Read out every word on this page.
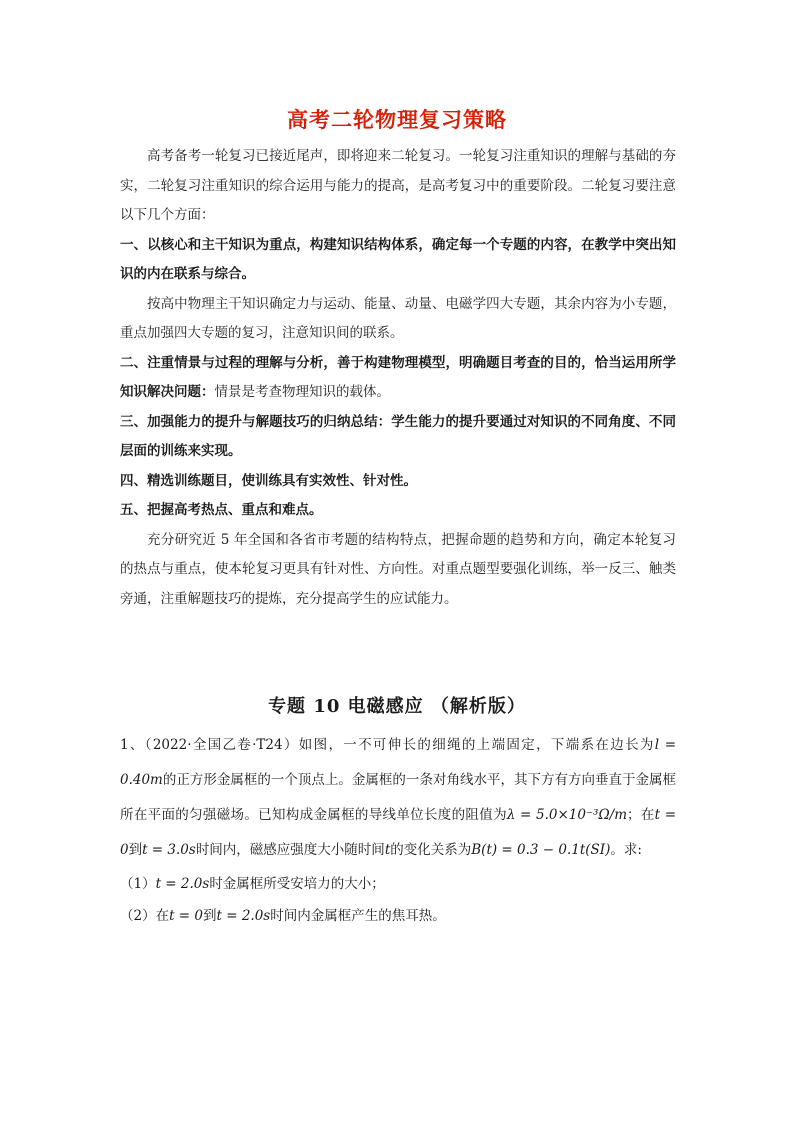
高考二轮物理复习策略

高考备考一轮复习已接近尾声，即将迎来二轮复习。一轮复习注重知识的理解与基础的夯实，二轮复习注重知识的综合运用与能力的提高，是高考复习中的重要阶段。二轮复习要注意以下几个方面：

一、以核心和主干知识为重点，构建知识结构体系，确定每一个专题的内容，在教学中突出知识的内在联系与综合。

按高中物理主干知识确定力与运动、能量、动量、电磁学四大专题，其余内容为小专题，重点加强四大专题的复习，注意知识间的联系。

二、注重情景与过程的理解与分析，善于构建物理模型，明确题目考查的目的，恰当运用所学知识解决问题：情景是考查物理知识的载体。

三、加强能力的提升与解题技巧的归纳总结：学生能力的提升要通过对知识的不同角度、不同层面的训练来实现。

四、精选训练题目，使训练具有实效性、针对性。

五、把握高考热点、重点和难点。

充分研究近 5 年全国和各省市考题的结构特点，把握命题的趋势和方向，确定本轮复习的热点与重点，使本轮复习更具有针对性、方向性。对重点题型要强化训练，举一反三、触类旁通，注重解题技巧的提炼，充分提高学生的应试能力。

专题 10 电磁感应 （解析版）

1、（2022·全国乙卷·T24）如图，一不可伸长的细绳的上端固定，下端系在边长为l = 0.40m的正方形金属框的一个顶点上。金属框的一条对角线水平，其下方有方向垂直于金属框所在平面的匀强磁场。已知构成金属框的导线单位长度的阻值为λ = 5.0×10⁻³Ω/m；在t = 0到t = 3.0s时间内，磁感应强度大小随时间t的变化关系为B(t) = 0.3 − 0.1t(SI)。求:

（1）t = 2.0s时金属框所受安培力的大小；

（2）在t = 0到t = 2.0s时间内金属框产生的焦耳热。
